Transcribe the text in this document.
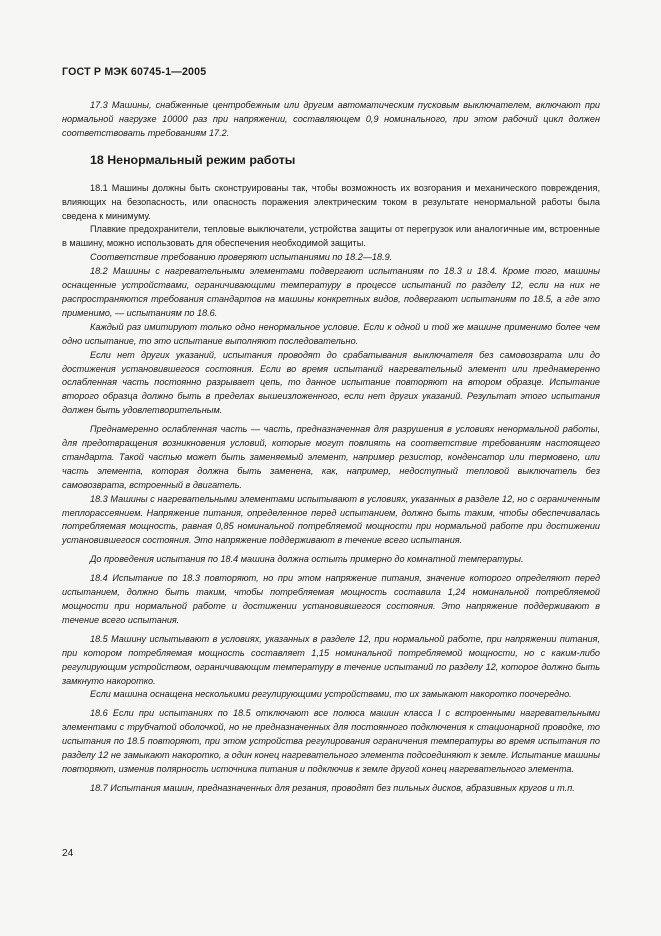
ГОСТ Р МЭК 60745-1—2005

17.3 Машины, снабженные центробежным или другим автоматическим пусковым выключателем, включают при нормальной нагрузке 10000 раз при напряжении, составляющем 0,9 номинального, при этом рабочий цикл должен соответствовать требованиям 17.2.

18 Ненормальный режим работы

18.1 Машины должны быть сконструированы так, чтобы возможность их возгорания и механического повреждения, влияющих на безопасность, или опасность поражения электрическим током в результате ненормальной работы была сведена к минимуму.

Плавкие предохранители, тепловые выключатели, устройства защиты от перегрузок или аналогичные им, встроенные в машину, можно использовать для обеспечения необходимой защиты.

Соответствие требованию проверяют испытаниями по 18.2—18.9.

18.2 Машины с нагревательными элементами подвергают испытаниям по 18.3 и 18.4. Кроме того, машины оснащенные устройствами, ограничивающими температуру в процессе испытаний по разделу 12, если на них не распространяются требования стандартов на машины конкретных видов, подвергают испытаниям по 18.5, а где это применимо, — испытаниям по 18.6.

Каждый раз имитируют только одно ненормальное условие. Если к одной и той же машине применимо более чем одно испытание, то это испытание выполняют последовательно.

Если нет других указаний, испытания проводят до срабатывания выключателя без самовозврата или до достижения установившегося состояния. Если во время испытаний нагревательный элемент или преднамеренно ослабленная часть постоянно разрывает цепь, то данное испытание повторяют на втором образце. Испытание второго образца должно быть в пределах вышеизложенного, если нет других указаний. Результат этого испытания должен быть удовлетворительным.

Преднамеренно ослабленная часть — часть, предназначенная для разрушения в условиях ненормальной работы, для предотвращения возникновения условий, которые могут повлиять на соответствие требованиям настоящего стандарта. Такой частью может быть заменяемый элемент, например резистор, конденсатор или термовено, или часть элемента, которая должна быть заменена, как, например, недоступный тепловой выключатель без самовозврата, встроенный в двигатель.

18.3 Машины с нагревательными элементами испытывают в условиях, указанных в разделе 12, но с ограниченным теплорассеянием. Напряжение питания, определенное перед испытанием, должно быть таким, чтобы обеспечивалась потребляемая мощность, равная 0,85 номинальной потребляемой мощности при нормальной работе при достижении установившегося состояния. Это напряжение поддерживают в течение всего испытания.

До проведения испытания по 18.4 машина должна остыть примерно до комнатной температуры.

18.4 Испытание по 18.3 повторяют, но при этом напряжение питания, значение которого определяют перед испытанием, должно быть таким, чтобы потребляемая мощность составила 1,24 номинальной потребляемой мощности при нормальной работе и достижении установившегося состояния. Это напряжение поддерживают в течение всего испытания.

18.5 Машину испытывают в условиях, указанных в разделе 12, при нормальной работе, при напряжении питания, при котором потребляемая мощность составляет 1,15 номинальной потребляемой мощности, но с каким-либо регулирующим устройством, ограничивающим температуру в течение испытаний по разделу 12, которое должно быть замкнуто накоротко.

Если машина оснащена несколькими регулирующими устройствами, то их замыкают накоротко поочередно.

18.6 Если при испытаниях по 18.5 отключают все полюса машин класса I с встроенными нагревательными элементами с трубчатой оболочкой, но не предназначенных для постоянного подключения к стационарной проводке, то испытания по 18.5 повторяют, при этом устройства регулирования ограничения температуры во время испытания по разделу 12 не замыкают накоротко, а один конец нагревательного элемента подсоединяют к земле. Испытание машины повторяют, изменив полярность источника питания и подключив к земле другой конец нагревательного элемента.

18.7 Испытания машин, предназначенных для резания, проводят без пильных дисков, абразивных кругов и т.п.

24
